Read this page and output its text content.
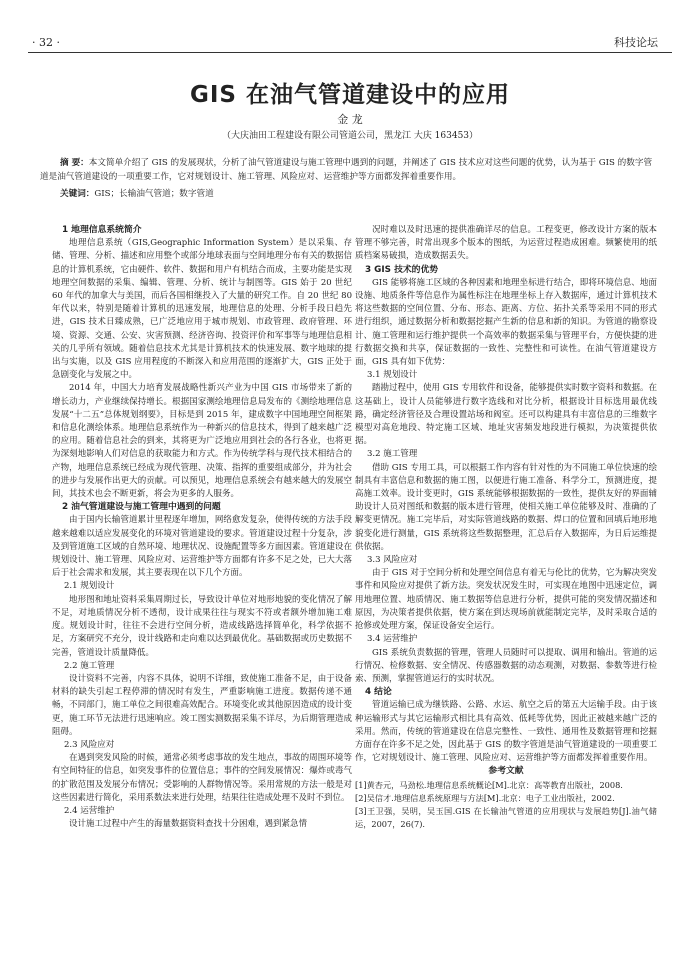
· 32 ·	科技论坛
GIS 在油气管道建设中的应用
金 龙
（大庆油田工程建设有限公司管道公司，黑龙江 大庆 163453）
摘 要：本文简单介绍了 GIS 的发展现状，分析了油气管道建设与施工管理中遇到的问题，并阐述了 GIS 技术应对这些问题的优势，认为基于 GIS 的数字管道是油气管道建设的一项重要工作，它对规划设计、施工管理、风险应对、运营维护等方面都发挥着重要作用。
关键词：GIS；长输油气管道；数字管道
1 地理信息系统简介

地理信息系统（GIS,Geographic Information System）是以采集、存储、管理、分析、描述和应用整个或部分地球表面与空间地理分布有关的数据信息的计算机系统，它由硬件、软件、数据和用户有机结合而成，主要功能是实现地理空间数据的采集、编辑、管理、分析、统计与制图等。GIS 始于 20 世纪 60 年代的加拿大与美国，而后各国相继投入了大量的研究工作。自 20 世纪 80 年代以来，特别是随着计算机的迅速发展，地理信息的处理、分析手段日趋先进，GIS 技术日臻成熟，已广泛地应用于城市规划、市政管理、政府管理、环境、资源、交通、公安、灾害预测、经济咨询、投资评价和军事等与地理信息相关的几乎所有领域。随着信息技术尤其是计算机技术的快速发展、数字地球的提出与实施，以及 GIS 应用程度的不断深入和应用范围的逐渐扩大，GIS 正处于急剧变化与发展之中。

2014 年，中国大力培育发展战略性新兴产业为中国 GIS 市场带来了新的增长动力，产业继续保持增长。根据国家测绘地理信息局发布的《测绘地理信息发展“十二五”总体规划纲要》，目标是到 2015 年，建成数字中国地理空间框架和信息化测绘体系。地理信息系统作为一种新兴的信息技术，得到了越来越广泛的应用。随着信息社会的到来，其将更为广泛地应用到社会的各行各业，也将更为深刻地影响人们对信息的获取能力和方式。作为传统学科与现代技术相结合的产物，地理信息系统已经成为现代管理、决策、指挥的重要组成部分，并为社会的进步与发展作出更大的贡献。可以预见，地理信息系统会有越来越大的发展空间，其技术也会不断更新，将会为更多的人服务。

2 油气管道建设与施工管理中遇到的问题

由于国内长输管道累计里程逐年增加，网络愈发复杂，使得传统的方法手段越来越难以适应发展变化的环境对管道建设的要求。管道建设过程十分复杂，涉及到管道施工区域的自然环境、地理状况、设施配置等多方面因素。管道建设在规划设计、施工管理、风险应对、运营维护等方面都有许多不足之处，已大大落后于社会需求和发展，其主要表现在以下几个方面。

2.1 规划设计

地形图和地址资料采集周期过长，导致设计单位对地形地貌的变化情况了解不足，对地质情况分析不透彻，设计成果往往与现实不符或者额外增加施工难度。规划设计时，往往不会进行空间分析，造成线路选择简单化，科学依据不足，方案研究不充分，设计线路和走向难以达到最优化。基础数据或历史数据不完善，管道设计质量降低。

2.2 施工管理

设计资料不完善，内容不具体，说明不详细，致使施工准备不足，由于设备材料的缺失引起工程停滞的情况时有发生，严重影响施工进度。数据传递不通畅，不同部门，施工单位之间很难高效配合。环境变化或其他原因造成的设计变更，施工环节无法进行迅速响应。竣工图实测数据采集不详尽，为后期管理造成阻碍。

2.3 风险应对

在遇到突发风险的时候，通常必须考虑事故的发生地点，事故的周围环境等有空间特征的信息，如突发事件的位置信息；事件的空间发展情况：爆炸或毒气的扩散范围及发展分布情况；受影响的人群物情况等。采用常规的方法一般是对这些因素进行简化，采用系数法来进行处理，结果往往造成处理不及时不到位。

2.4 运营维护

设计施工过程中产生的海量数据资料查找十分困难，遇到紧急情

况时难以及时迅速的提供准确详尽的信息。工程变更，修改设计方案的版本管理不够完善，时常出现多个版本的图纸，为运营过程造成困难。频繁使用的纸质档案易破损，造成数据丢失。

3 GIS 技术的优势

GIS 能够将施工区域的各种因素和地理坐标进行结合，即将环境信息、地面设施、地质条件等信息作为属性标注在地理坐标上存入数据库，通过计算机技术将这些数据的空间位置、分布、形态、距离、方位、拓扑关系等采用不同的形式进行组织，通过数据分析和数据挖掘产生新的信息和新的知识。为管道的勘察设计、施工管理和运行维护提供一个高效率的数据采集与管理平台，方便快捷的进行数据交换和共享，保证数据的一致性、完整性和可读性。在油气管道建设方面，GIS 具有如下优势：

3.1 规划设计

踏勘过程中，使用 GIS 专用软件和设备，能够提供实时数字资料和数据。在这基础上，设计人员能够进行数字选线和对比分析，根据设计目标选用最优线路，确定经济管径及合理设置站场和阀室。还可以构建具有丰富信息的三维数字模型对高危地段、特定施工区域、地址灾害频发地段进行模拟，为决策提供依据。

3.2 施工管理

借助 GIS 专用工具，可以根据工作内容有针对性的为不同施工单位快速的绘制具有丰富信息和数据的施工图，以便进行施工准备、科学分工，预测进度，提高施工效率。设计变更时，GIS 系统能够根据数据的一致性，提供友好的界面辅助设计人员对图纸和数据的版本进行管理，使相关施工单位能够及时、准确的了解变更情况。施工完毕后，对实际管道线路的数据、焊口的位置和回填后地形地貌变化进行测量，GIS 系统将这些数据整理，汇总后存入数据库，为日后运维提供依据。

3.3 风险应对

由于 GIS 对于空间分析和处理空间信息有着无与伦比的优势，它为解决突发事件和风险应对提供了新方法。突发状况发生时，可实现在地图中迅速定位，调用地理位置、地质情况、施工数据等信息进行分析，提供可能的突发情况描述和原因，为决策者提供依据，使方案在到达现场前就能制定完毕，及时采取合适的抢修或处理方案，保证设备安全运行。

3.4 运营维护

GIS 系统负责数据的管理，管理人员随时可以提取、调用和输出。管道的运行情况、检修数据、安全情况、传感器数据的动态观测，对数据、参数等进行检索、预测，掌握管道运行的实时状况。

4 结论

管道运输已成为继铁路、公路、水运、航空之后的第五大运输手段。由于该种运输形式与其它运输形式相比具有高效、低耗等优势，因此正被越来越广泛的采用。然而，传统的管道建设在信息完整性、一致性、通用性及数据管理和挖掘方面存在许多不足之处，因此基于 GIS 的数字管道是油气管道建设的一项重要工作，它对规划设计、施工管理、风险应对、运营维护等方面都发挥着重要作用。

参考文献

[1]黄杏元，马劲松.地理信息系统概论[M].北京：高等教育出版社，2008.

[2]吴信才.地理信息系统原理与方法[M].北京：电子工业出版社，2002.

[3]王卫强，吴明，吴玉国.GIS 在长输油气管道的应用现状与发展趋势[J].油气储运，2007，26(7).
